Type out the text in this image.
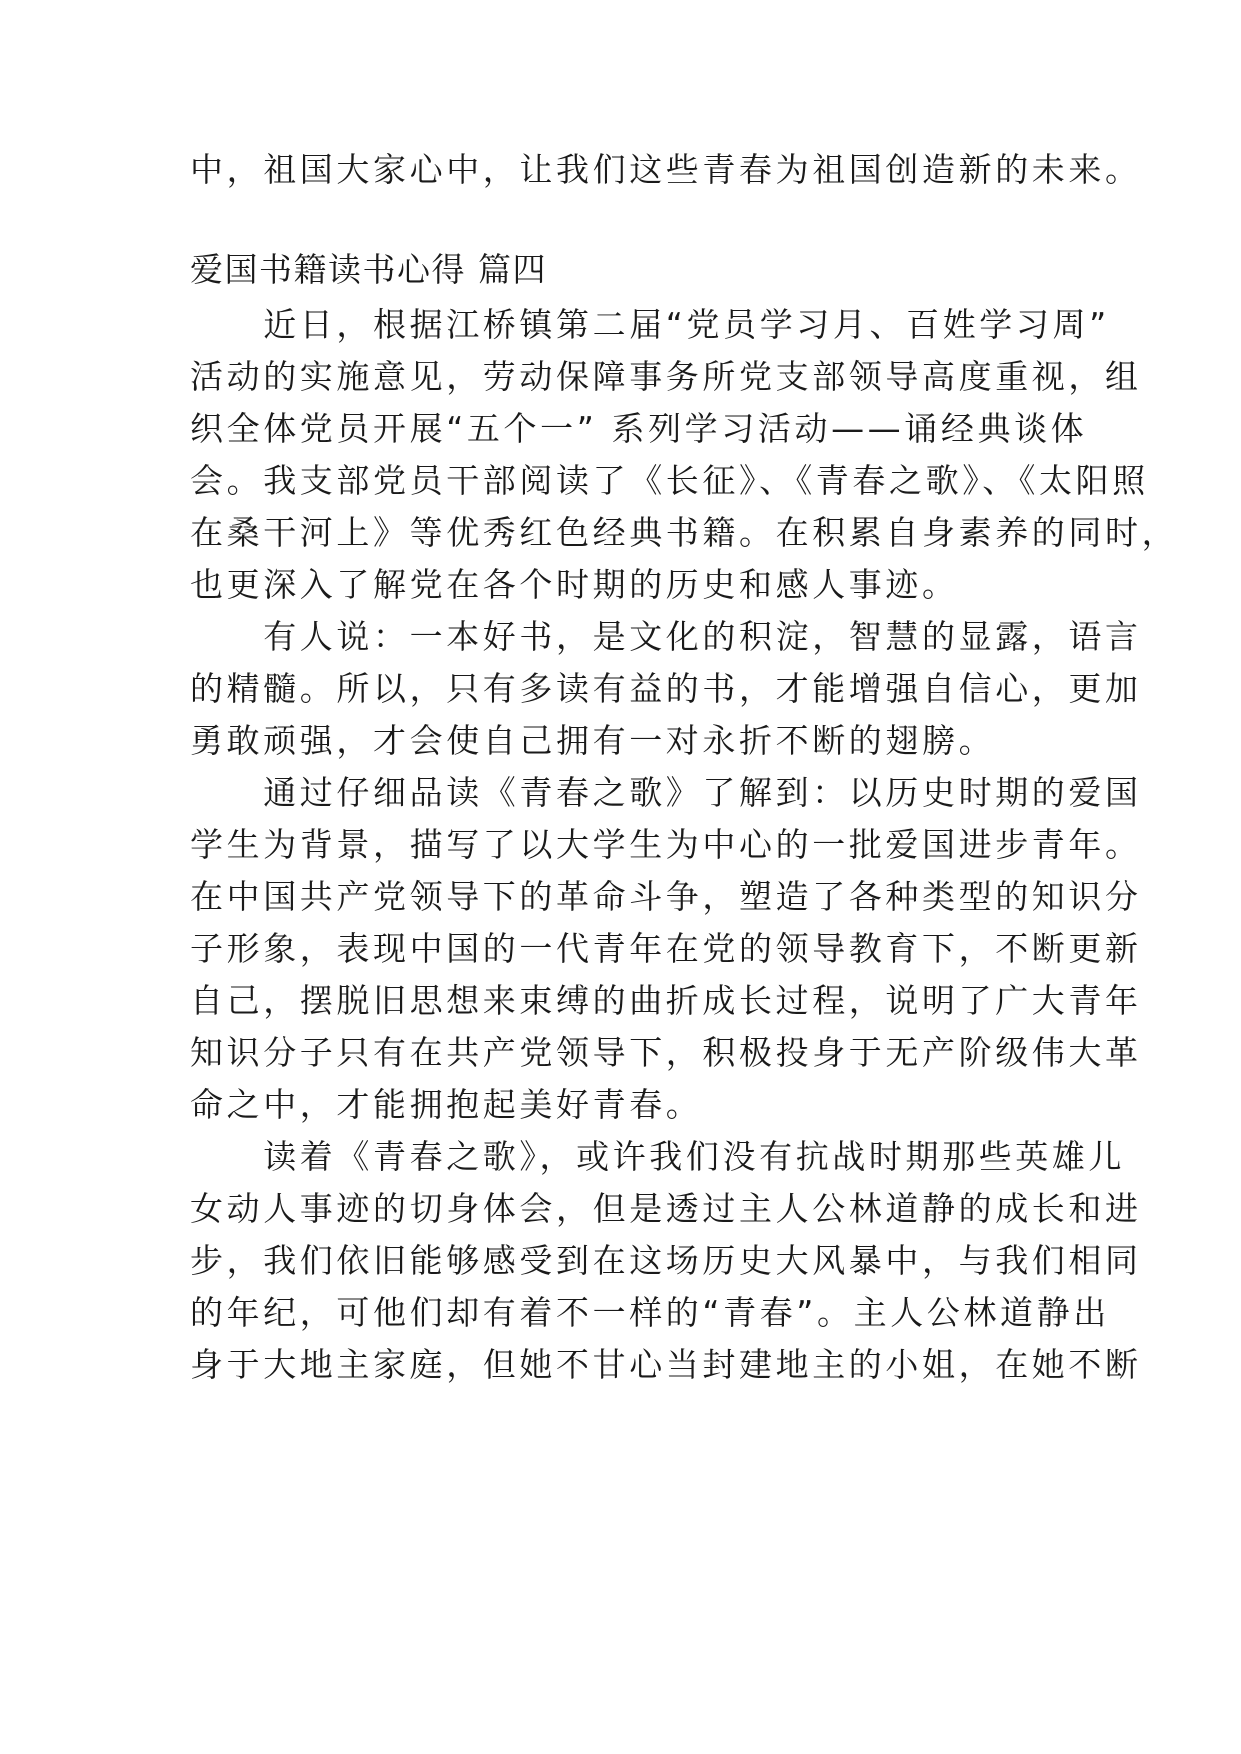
中，祖国大家心中，让我们这些青春为祖国创造新的未来。
爱国书籍读书心得 篇四
　　近日，根据江桥镇第二届“党员学习月、百姓学习周”
活动的实施意见，劳动保障事务所党支部领导高度重视，组
织全体党员开展“五个一” 系列学习活动——诵经典谈体
会。我支部党员干部阅读了《长征》、《青春之歌》、《太阳照
在桑干河上》等优秀红色经典书籍。在积累自身素养的同时，
也更深入了解党在各个时期的历史和感人事迹。
　　有人说：一本好书，是文化的积淀，智慧的显露，语言
的精髓。所以，只有多读有益的书，才能增强自信心，更加
勇敢顽强，才会使自己拥有一对永折不断的翅膀。
　　通过仔细品读《青春之歌》了解到：以历史时期的爱国
学生为背景，描写了以大学生为中心的一批爱国进步青年。
在中国共产党领导下的革命斗争，塑造了各种类型的知识分
子形象，表现中国的一代青年在党的领导教育下，不断更新
自己，摆脱旧思想来束缚的曲折成长过程，说明了广大青年
知识分子只有在共产党领导下，积极投身于无产阶级伟大革
命之中，才能拥抱起美好青春。
　　读着《青春之歌》，或许我们没有抗战时期那些英雄儿
女动人事迹的切身体会，但是透过主人公林道静的成长和进
步，我们依旧能够感受到在这场历史大风暴中，与我们相同
的年纪，可他们却有着不一样的“青春”。主人公林道静出
身于大地主家庭，但她不甘心当封建地主的小姐，在她不断
